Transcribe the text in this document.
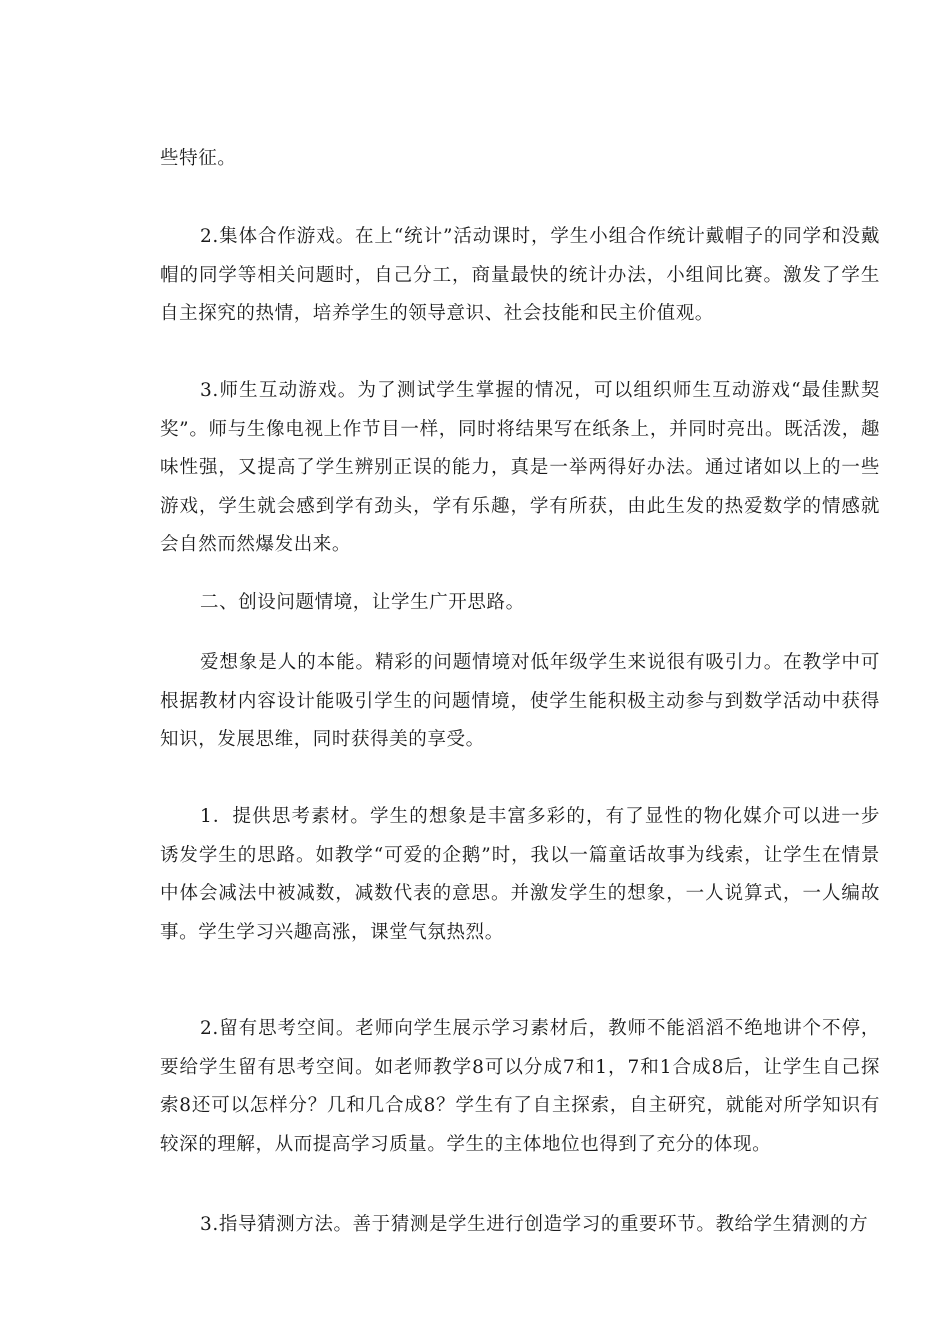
些特征。

2.集体合作游戏。在上“统计”活动课时，学生小组合作统计戴帽子的同学和没戴帽的同学等相关问题时，自己分工，商量最快的统计办法，小组间比赛。激发了学生自主探究的热情，培养学生的领导意识、社会技能和民主价值观。

3.师生互动游戏。为了测试学生掌握的情况，可以组织师生互动游戏“最佳默契奖”。师与生像电视上作节目一样，同时将结果写在纸条上，并同时亮出。既活泼，趣味性强，又提高了学生辨别正误的能力，真是一举两得好办法。通过诸如以上的一些游戏，学生就会感到学有劲头，学有乐趣，学有所获，由此生发的热爱数学的情感就会自然而然爆发出来。

二、创设问题情境，让学生广开思路。

爱想象是人的本能。精彩的问题情境对低年级学生来说很有吸引力。在教学中可根据教材内容设计能吸引学生的问题情境，使学生能积极主动参与到数学活动中获得知识，发展思维，同时获得美的享受。

1．提供思考素材。学生的想象是丰富多彩的，有了显性的物化媒介可以进一步诱发学生的思路。如教学“可爱的企鹅”时，我以一篇童话故事为线索，让学生在情景中体会减法中被减数，减数代表的意思。并激发学生的想象，一人说算式，一人编故事。学生学习兴趣高涨，课堂气氛热烈。

2.留有思考空间。老师向学生展示学习素材后，教师不能滔滔不绝地讲个不停，要给学生留有思考空间。如老师教学8可以分成7和1，7和1合成8后，让学生自己探索8还可以怎样分？几和几合成8？学生有了自主探索，自主研究，就能对所学知识有较深的理解，从而提高学习质量。学生的主体地位也得到了充分的体现。

3.指导猜测方法。善于猜测是学生进行创造学习的重要环节。教给学生猜测的方
